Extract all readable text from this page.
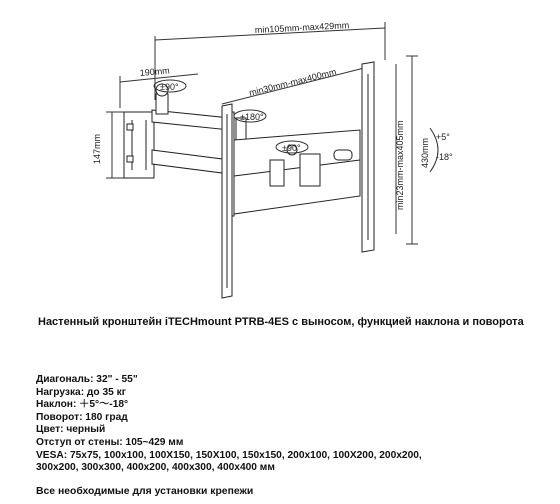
min105mm-max429mm
min30mm-max400mm
190mm
147mm	min23mm-max405mm 430mm
+5°
-18°
±90°
±180°
±90°

Настенный кронштейн iTECHmount PTRB-4ES с выносом, функцией наклона и поворота

Диагональ: 32" - 55"
Нагрузка: до 35 кг
Наклон: ＋5°～-18°
Поворот: 180 град
Цвет: черный
Отступ от стены: 105~429 мм
VESA: 75x75, 100x100, 100X150, 150X100, 150x150, 200x100, 100X200, 200x200,
300x200, 300x300, 400x200, 400x300, 400x400 мм

Все необходимые для установки крепежи
